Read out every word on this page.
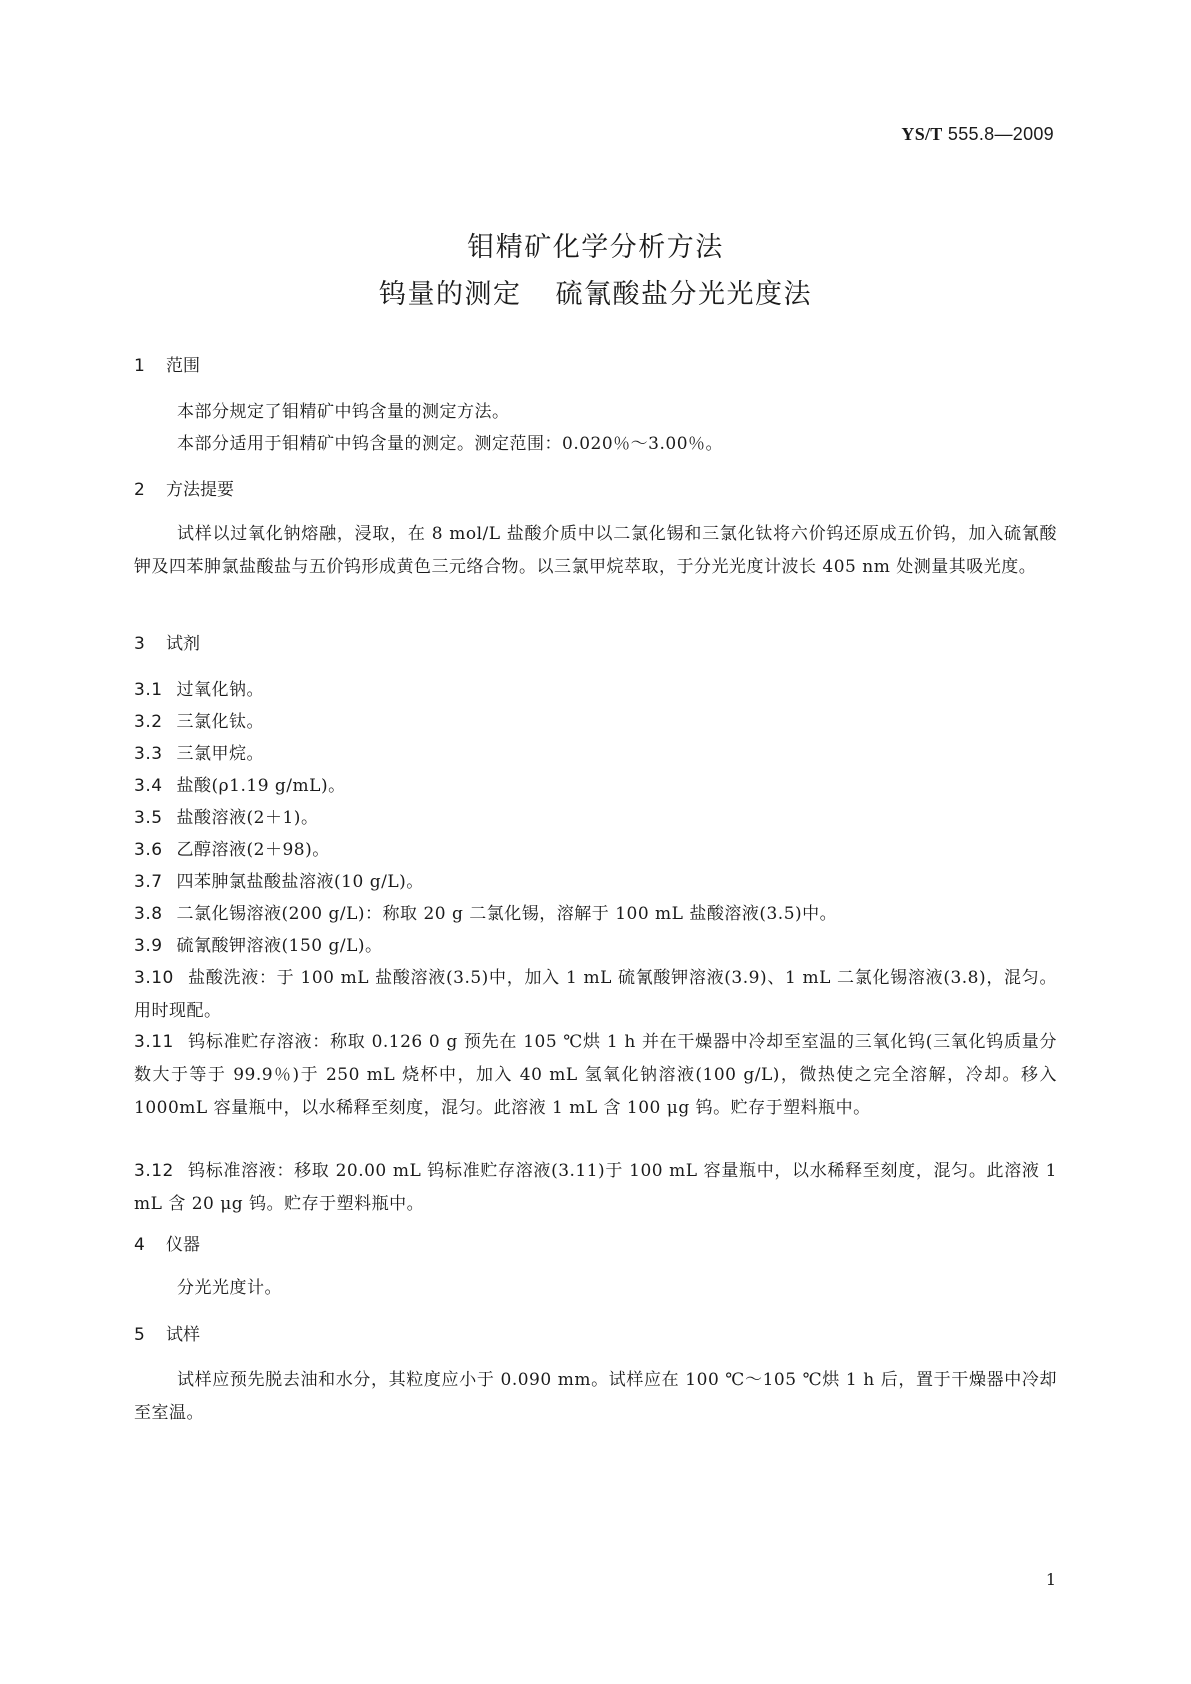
YS/T 555.8—2009
钼精矿化学分析方法
钨量的测定 硫氰酸盐分光光度法
1 范围
本部分规定了钼精矿中钨含量的测定方法。
本部分适用于钼精矿中钨含量的测定。测定范围：0.020％～3.00％。
2 方法提要
试样以过氧化钠熔融，浸取，在 8 mol/L 盐酸介质中以二氯化锡和三氯化钛将六价钨还原成五价钨，加入硫氰酸钾及四苯胂氯盐酸盐与五价钨形成黄色三元络合物。以三氯甲烷萃取，于分光光度计波长 405 nm 处测量其吸光度。
3 试剂
3.1 过氧化钠。
3.2 三氯化钛。
3.3 三氯甲烷。
3.4 盐酸(ρ1.19 g/mL)。
3.5 盐酸溶液(2＋1)。
3.6 乙醇溶液(2＋98)。
3.7 四苯胂氯盐酸盐溶液(10 g/L)。
3.8 二氯化锡溶液(200 g/L)：称取 20 g 二氯化锡，溶解于 100 mL 盐酸溶液(3.5)中。
3.9 硫氰酸钾溶液(150 g/L)。
3.10 盐酸洗液：于 100 mL 盐酸溶液(3.5)中，加入 1 mL 硫氰酸钾溶液(3.9)、1 mL 二氯化锡溶液(3.8)，混匀。用时现配。
3.11 钨标准贮存溶液：称取 0.126 0 g 预先在 105 ℃烘 1 h 并在干燥器中冷却至室温的三氧化钨(三氧化钨质量分数大于等于 99.9％)于 250 mL 烧杯中，加入 40 mL 氢氧化钠溶液(100 g/L)，微热使之完全溶解，冷却。移入 1000mL 容量瓶中，以水稀释至刻度，混匀。此溶液 1 mL 含 100 μg 钨。贮存于塑料瓶中。
3.12 钨标准溶液：移取 20.00 mL 钨标准贮存溶液(3.11)于 100 mL 容量瓶中，以水稀释至刻度，混匀。此溶液 1 mL 含 20 μg 钨。贮存于塑料瓶中。
4 仪器
分光光度计。
5 试样
试样应预先脱去油和水分，其粒度应小于 0.090 mm。试样应在 100 ℃～105 ℃烘 1 h 后，置于干燥器中冷却至室温。
1
